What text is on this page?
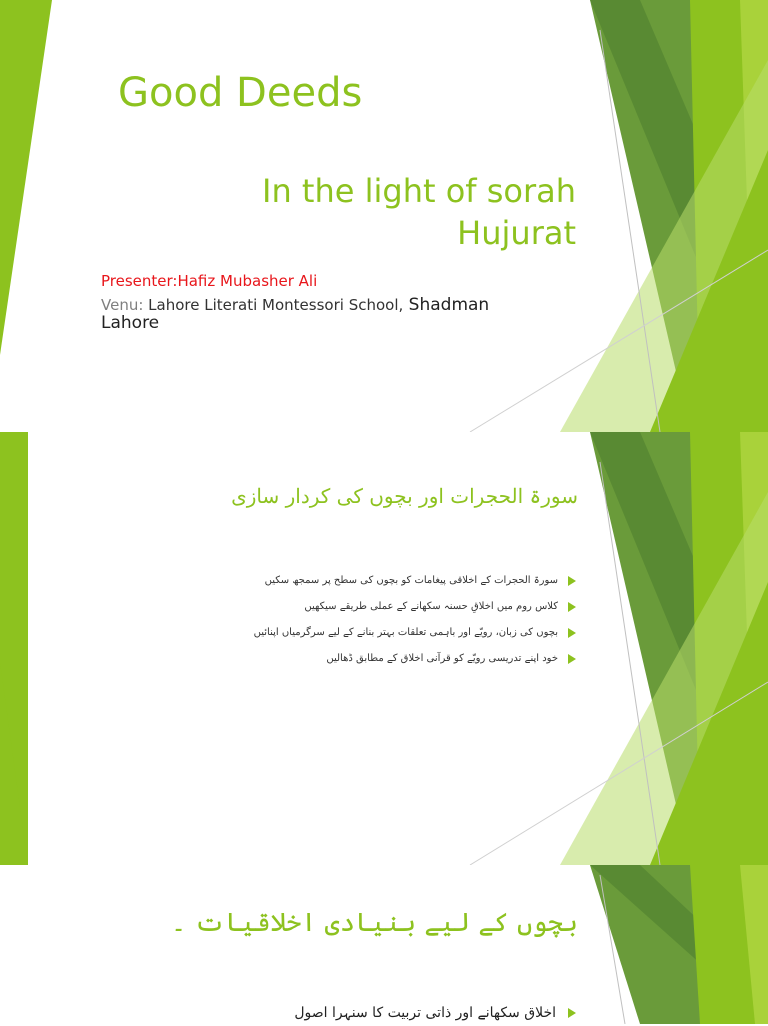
Good Deeds
In the light of sorah Hujurat
Presenter:Hafiz Mubasher Ali
Venu: Lahore Literati Montessori School, Shadman Lahore
سورۃ الحجرات اور بچوں کی کردار سازی
سورۃ الحجرات کے اخلاقی پیغامات کو بچوں کی سطح پر سمجھ سکیں
کلاس روم میں اخلاقِ حسنہ سکھانے کے عملی طریقے سیکھیں
بچوں کی زبان، رویّے اور باہمی تعلقات بہتر بنانے کے لیے سرگرمیاں اپنائیں
خود اپنے تدریسی رویّے کو قرآنی اخلاق کے مطابق ڈھالیں
بچوں کے لیے بنیادی اخلاقیات ۔
اخلاق سکھانے اور ذاتی تربیت کا سنہرا اصول
